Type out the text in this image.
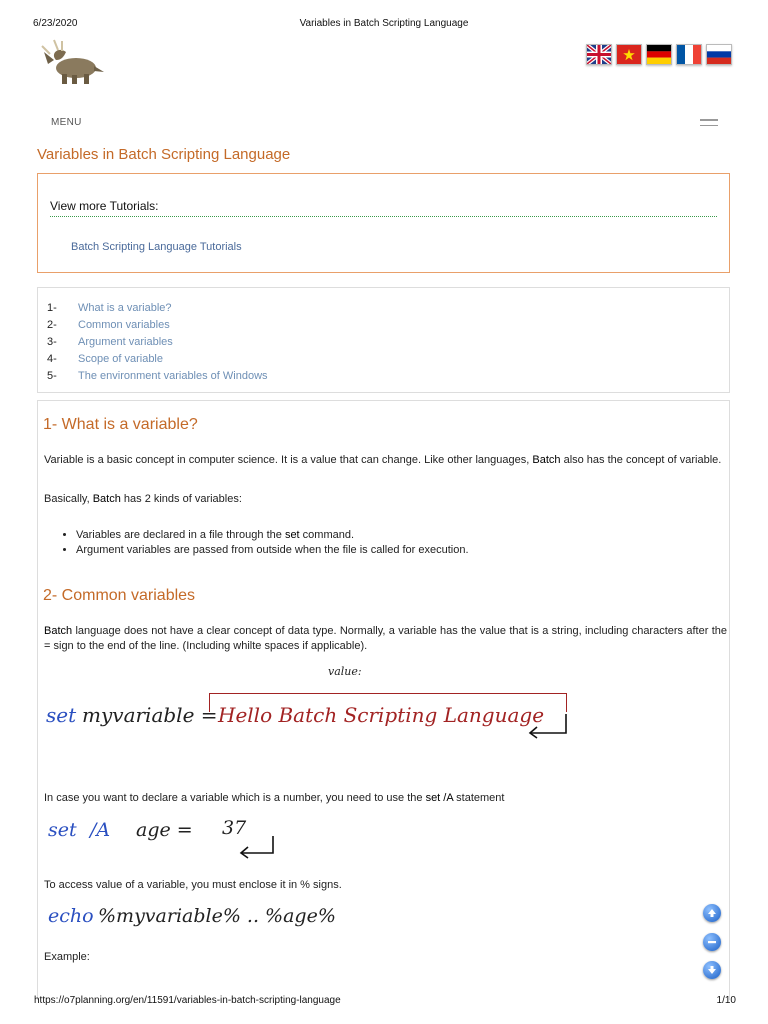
6/23/2020	Variables in Batch Scripting Language
MENU
Variables in Batch Scripting Language
View more Tutorials:
Batch Scripting Language Tutorials
1- What is a variable?
2- Common variables
3- Argument variables
4- Scope of variable
5- The environment variables of Windows
1- What is a variable?
Variable is a basic concept in computer science. It is a value that can change. Like other languages, Batch also has the concept of variable.
Basically, Batch has 2 kinds of variables:
• Variables are declared in a file through the set command.
• Argument variables are passed from outside when the file is called for execution.
2- Common variables
Batch language does not have a clear concept of data type. Normally, a variable has the value that is a string, including characters after the = sign to the end of the line. (Including whilte spaces if applicable).
value:
set myvariable = Hello Batch Scripting Language
In case you want to declare a variable which is a number, you need to use the set /A statement
set /A age = 37
To access value of a variable, you must enclose it in % signs.
echo %myvariable% .. %age%
Example:
https://o7planning.org/en/11591/variables-in-batch-scripting-language	1/10
